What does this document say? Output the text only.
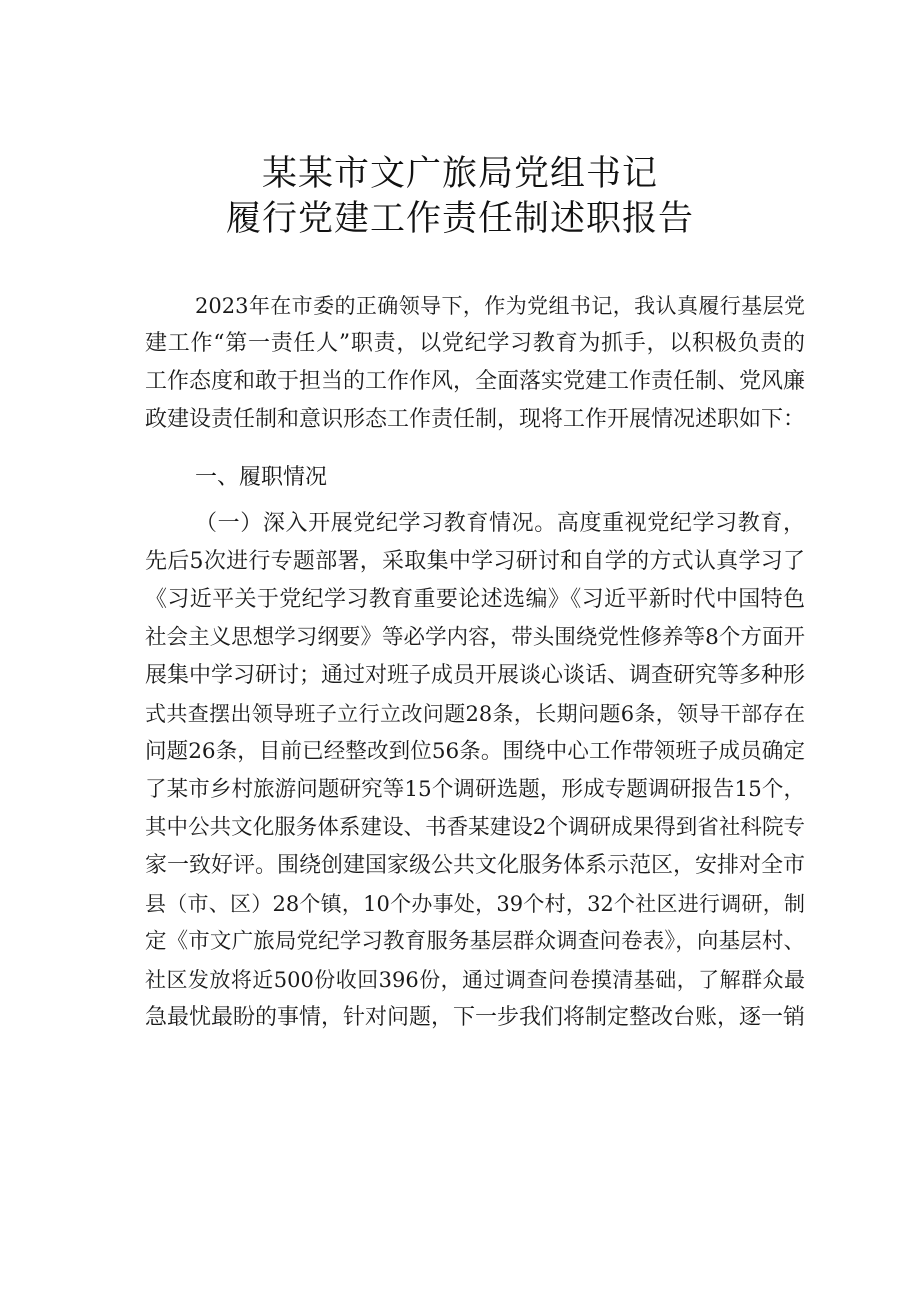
某某市文广旅局党组书记
履行党建工作责任制述职报告
2023年在市委的正确领导下，作为党组书记，我认真履行基层党
建工作“第一责任人”职责，以党纪学习教育为抓手，以积极负责的
工作态度和敢于担当的工作作风，全面落实党建工作责任制、党风廉
政建设责任制和意识形态工作责任制，现将工作开展情况述职如下：
一、履职情况
（一）深入开展党纪学习教育情况。高度重视党纪学习教育，
先后5次进行专题部署，采取集中学习研讨和自学的方式认真学习了
《习近平关于党纪学习教育重要论述选编》《习近平新时代中国特色
社会主义思想学习纲要》等必学内容，带头围绕党性修养等8个方面开
展集中学习研讨；通过对班子成员开展谈心谈话、调查研究等多种形
式共查摆出领导班子立行立改问题28条，长期问题6条，领导干部存在
问题26条，目前已经整改到位56条。围绕中心工作带领班子成员确定
了某市乡村旅游问题研究等15个调研选题，形成专题调研报告15个，
其中公共文化服务体系建设、书香某建设2个调研成果得到省社科院专
家一致好评。围绕创建国家级公共文化服务体系示范区，安排对全市
县（市、区）28个镇，10个办事处，39个村，32个社区进行调研，制
定《市文广旅局党纪学习教育服务基层群众调查问卷表》，向基层村、
社区发放将近500份收回396份，通过调查问卷摸清基础，了解群众最
急最忧最盼的事情，针对问题，下一步我们将制定整改台账，逐一销
